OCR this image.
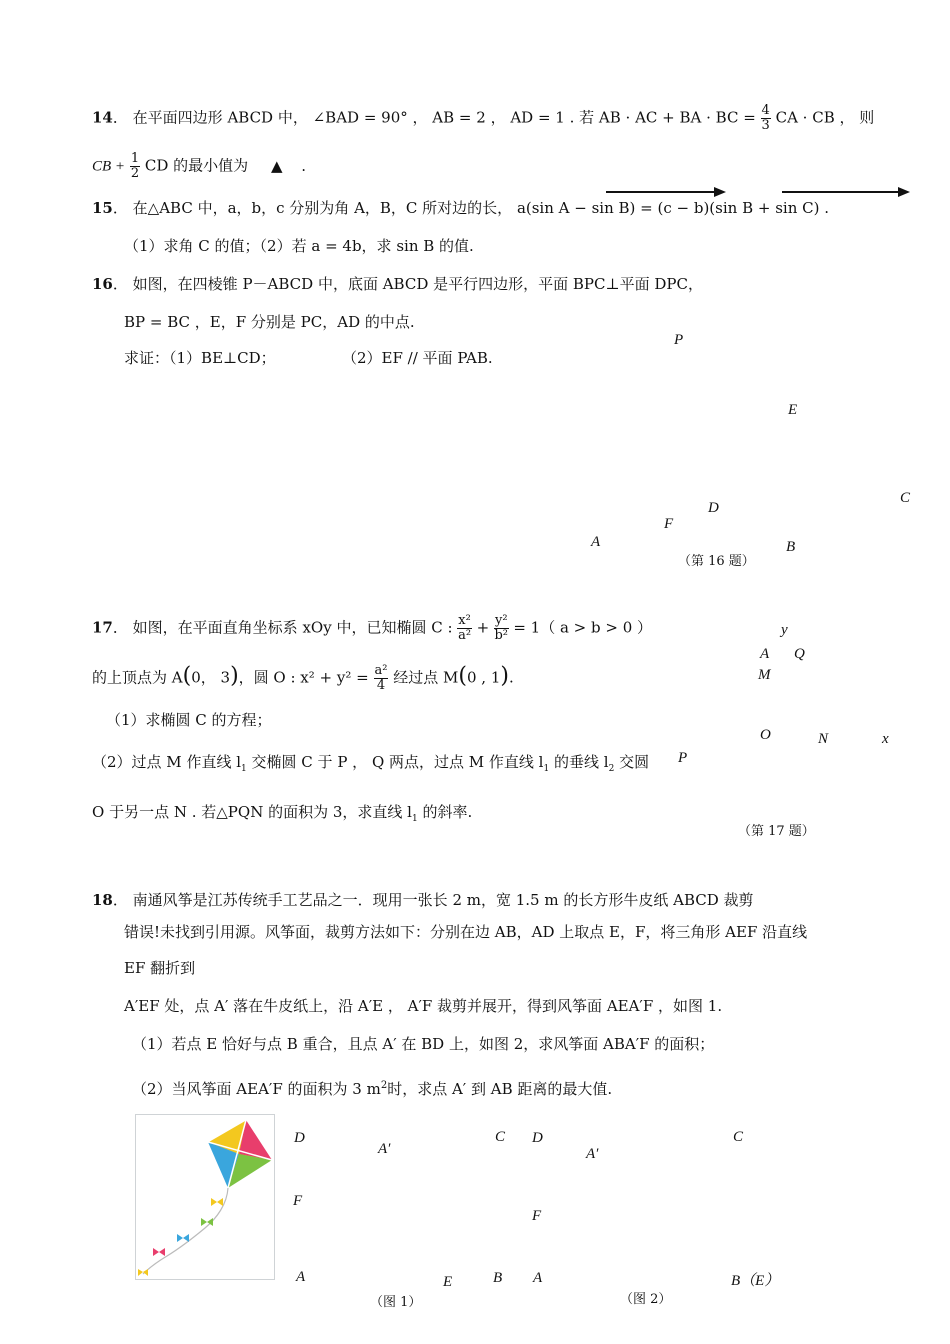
14． 在平面四边形 ABCD 中， ∠BAD = 90° ， AB = 2 ， AD = 1 . 若 AB · AC + BA · BC = $\frac{4}{3}$ CA · CB ， 则
CB + $\frac{1}{2}$ CD 的最小值为 ▲ .
15． 在△ABC 中，a，b，c 分别为角 A，B，C 所对边的长， a(sin A − sin B) = (c − b)(sin B + sin C) .
（1）求角 C 的值；（2）若 a = 4b，求 sin B 的值.
16． 如图，在四棱锥 P－ABCD 中，底面 ABCD 是平行四边形，平面 BPC⊥平面 DPC，
BP = BC ，E，F 分别是 PC，AD 的中点.
求证：（1）BE⊥CD；	（2）EF // 平面 PAB.
P
E
C
D
F
A	B
（第 16 题）
17． 如图，在平面直角坐标系 xOy 中，已知椭圆 C : $\frac{\text{x²}}{\text{a²}} + \frac{\text{y²}}{\text{b²}} = 1$（ a > b > 0 ）
的上顶点为 A(0， 3)，圆 O : $x^2 + y^2 = \frac{\text{a²}}{4}$ 经过点 M(0 , 1).
（1）求椭圆 C 的方程；
（2）过点 M 作直线 $l_1$ 交椭圆 C 于 P ， Q 两点，过点 M 作直线 $l_1$ 的垂线 $l_2$ 交圆
O 于另一点 N . 若△PQN 的面积为 3，求直线 $l_1$ 的斜率.
y
A Q
M
O	N	x
P
（第 17 题）
18． 南通风筝是江苏传统手工艺品之一．现用一张长 2 m，宽 1.5 m 的长方形牛皮纸 ABCD 裁剪
错误!未找到引用源。风筝面，裁剪方法如下：分别在边 AB，AD 上取点 E，F，将三角形 AEF 沿直线
EF 翻折到
A′EF 处，点 A′ 落在牛皮纸上，沿 A′E ， A′F 裁剪并展开，得到风筝面 AEA′F ，如图 1.
（1）若点 E 恰好与点 B 重合，且点 A′ 在 BD 上，如图 2，求风筝面 ABA′F 的面积；
（2）当风筝面 AEA′F 的面积为 3 $m^2$时，求点 A′ 到 AB 距离的最大值.
D
A′
C
F
A	E	B
（图 1）
D
A′
C
F
A	B（E）
（图 2）
